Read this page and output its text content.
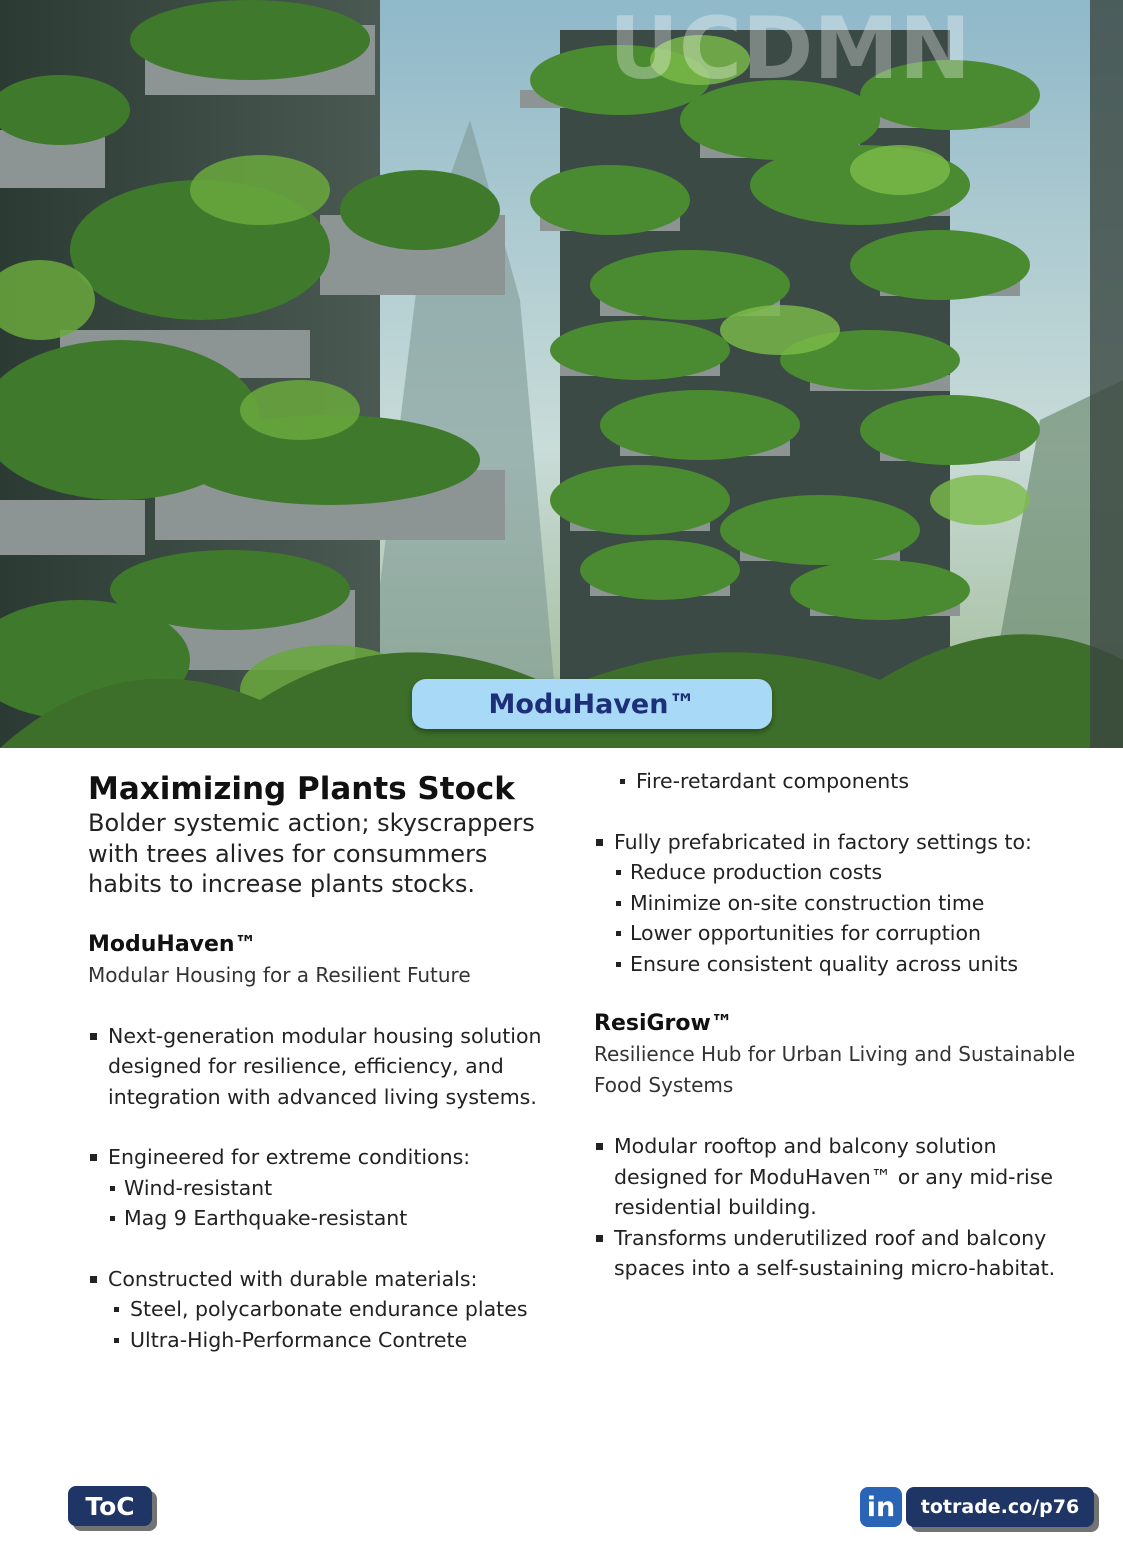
UCDMN
ModuHaven™

Maximizing Plants Stock

Bolder systemic action; skyscrappers with trees alives for consummers habits to increase plants stocks.

ModuHaven™

Modular Housing for a Resilient Future

Next-generation modular housing solution designed for resilience, efficiency, and integration with advanced living systems.

Engineered for extreme conditions:

Wind-resistant

Mag 9 Earthquake-resistant

Constructed with durable materials:

Steel, polycarbonate endurance plates

Ultra-High-Performance Contrete

Fire-retardant components

Fully prefabricated in factory settings to:

Reduce production costs

Minimize on-site construction time

Lower opportunities for corruption

Ensure consistent quality across units

ResiGrow™

Resilience Hub for Urban Living and Sustainable Food Systems

Modular rooftop and balcony solution designed for ModuHaven™ or any mid-rise residential building.

Transforms underutilized roof and balcony spaces into a self-sustaining micro-habitat.

ToC	in	totrade.co/p76
